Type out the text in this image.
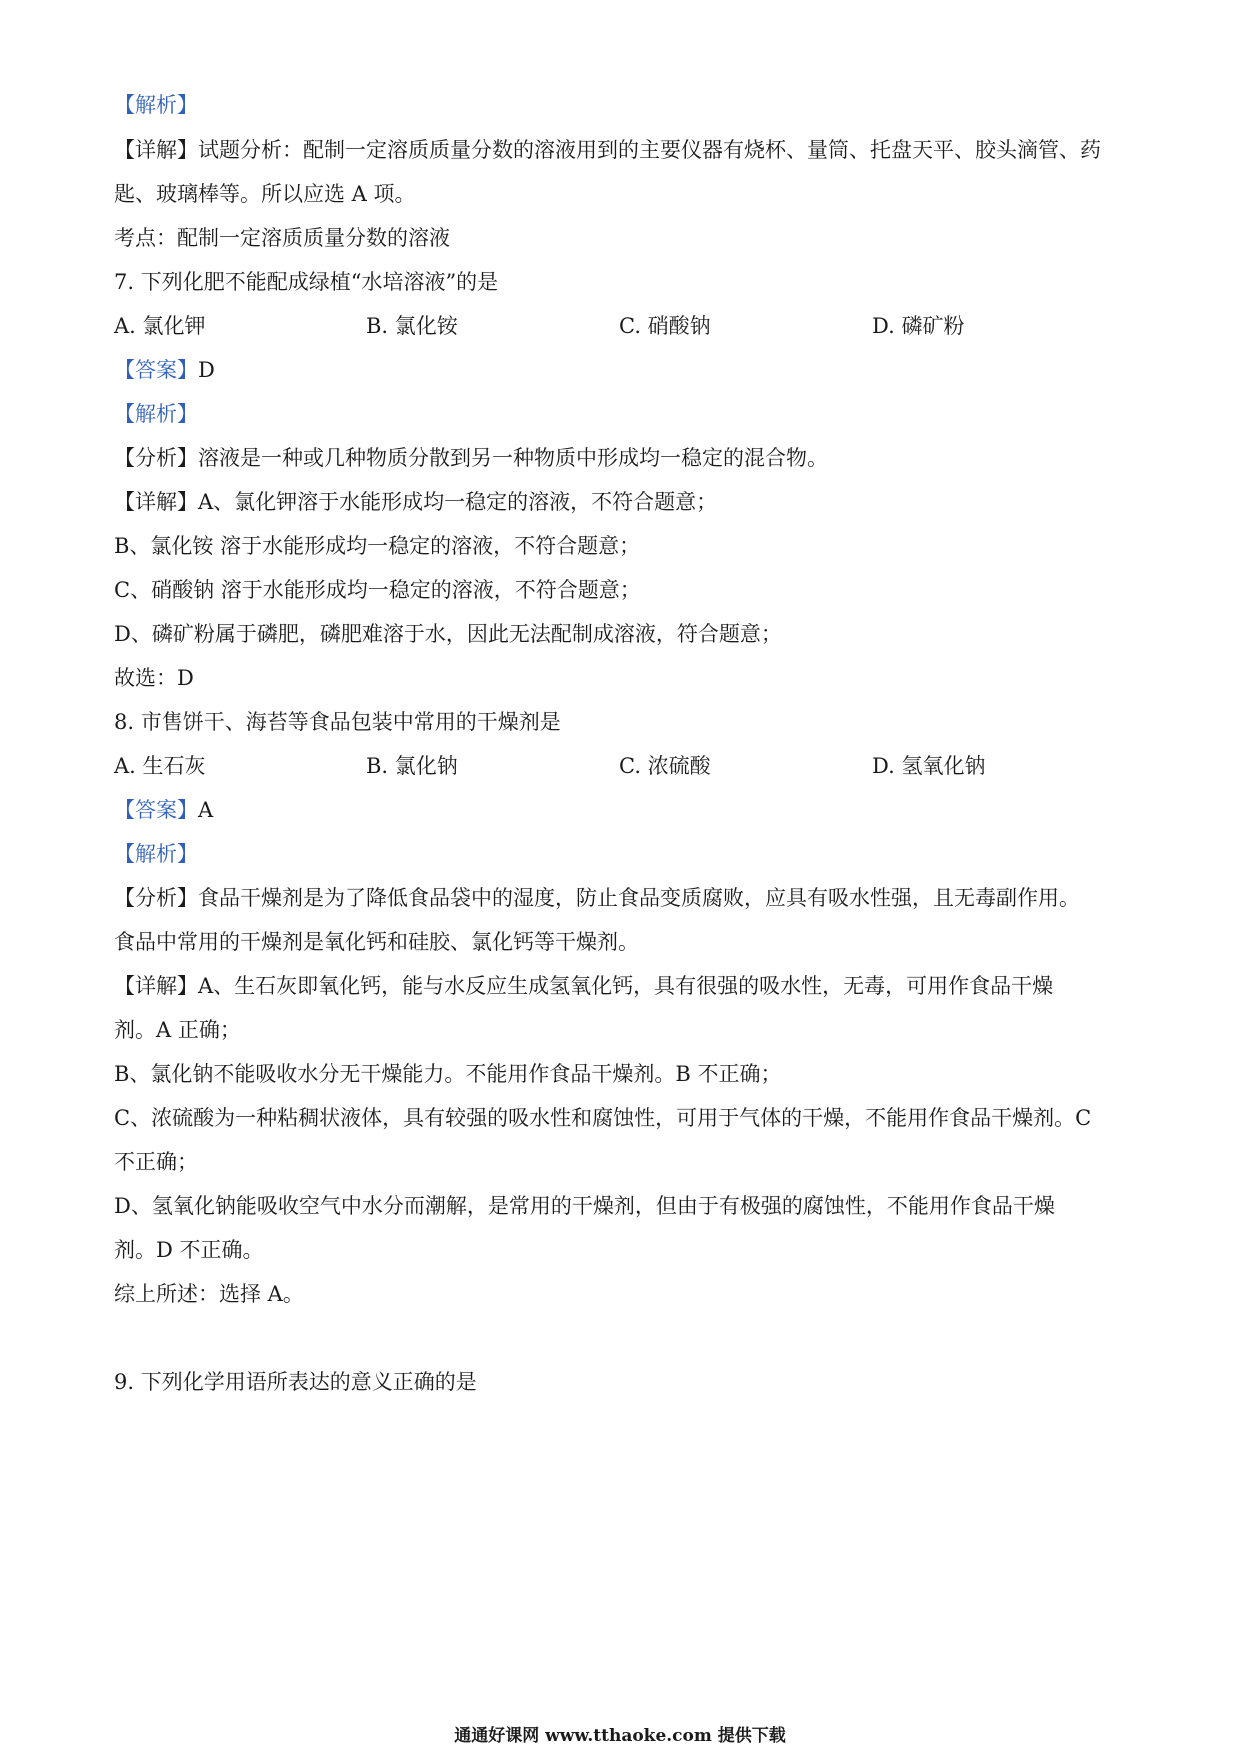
【解析】
【详解】试题分析：配制一定溶质质量分数的溶液用到的主要仪器有烧杯、量筒、托盘天平、胶头滴管、药
匙、玻璃棒等。所以应选 A 项。
考点：配制一定溶质质量分数的溶液
7. 下列化肥不能配成绿植“水培溶液”的是
A. 氯化钾	B. 氯化铵	C. 硝酸钠	D. 磷矿粉
【答案】D
【解析】
【分析】溶液是一种或几种物质分散到另一种物质中形成均一稳定的混合物。
【详解】A、氯化钾溶于水能形成均一稳定的溶液，不符合题意；
B、氯化铵 溶于水能形成均一稳定的溶液，不符合题意；
C、硝酸钠 溶于水能形成均一稳定的溶液，不符合题意；
D、磷矿粉属于磷肥，磷肥难溶于水，因此无法配制成溶液，符合题意；
故选：D
8. 市售饼干、海苔等食品包装中常用的干燥剂是
A. 生石灰	B. 氯化钠	C. 浓硫酸	D. 氢氧化钠
【答案】A
【解析】
【分析】食品干燥剂是为了降低食品袋中的湿度，防止食品变质腐败，应具有吸水性强，且无毒副作用。
食品中常用的干燥剂是氧化钙和硅胶、氯化钙等干燥剂。
【详解】A、生石灰即氧化钙，能与水反应生成氢氧化钙，具有很强的吸水性，无毒，可用作食品干燥
剂。A 正确；
B、氯化钠不能吸收水分无干燥能力。不能用作食品干燥剂。B 不正确；
C、浓硫酸为一种粘稠状液体，具有较强的吸水性和腐蚀性，可用于气体的干燥，不能用作食品干燥剂。C
不正确；
D、氢氧化钠能吸收空气中水分而潮解，是常用的干燥剂，但由于有极强的腐蚀性，不能用作食品干燥
剂。D 不正确。
综上所述：选择 A。
9. 下列化学用语所表达的意义正确的是
通通好课网 www.tthaoke.com 提供下载
